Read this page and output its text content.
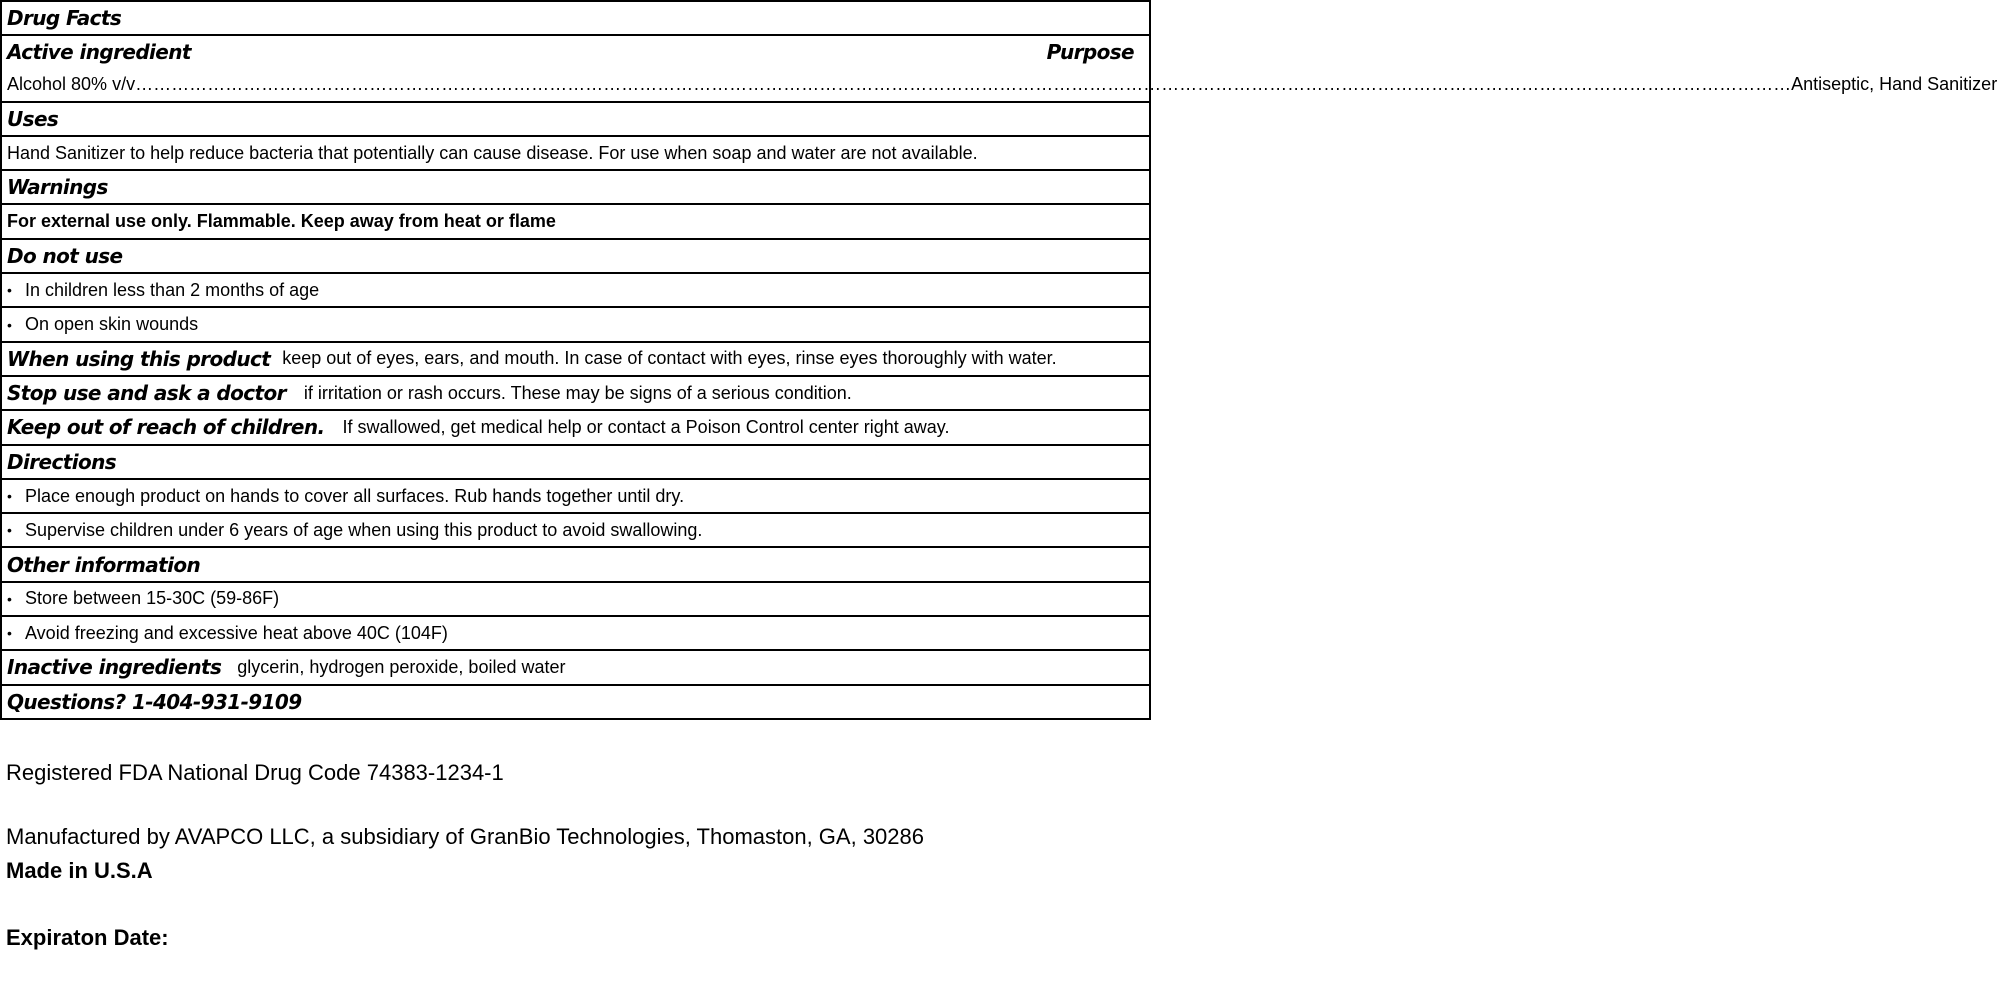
Drug Facts
Active ingredient	Purpose
Alcohol 80% v/v …………………………………………………………………………………………………………………………………………………………………………………………………………………………………………………… Antiseptic, Hand Sanitizer
Uses
Hand Sanitizer to help reduce bacteria that potentially can cause disease. For use when soap and water are not available.
Warnings
For external use only. Flammable. Keep away from heat or flame
Do not use
• In children less than 2 months of age
• On open skin wounds
When using this product keep out of eyes, ears, and mouth. In case of contact with eyes, rinse eyes thoroughly with water.
Stop use and ask a doctor if irritation or rash occurs. These may be signs of a serious condition.
Keep out of reach of children. If swallowed, get medical help or contact a Poison Control center right away.
Directions
• Place enough product on hands to cover all surfaces. Rub hands together until dry.
• Supervise children under 6 years of age when using this product to avoid swallowing.
Other information
• Store between 15-30C (59-86F)
• Avoid freezing and excessive heat above 40C (104F)
Inactive ingredients glycerin, hydrogen peroxide, boiled water
Questions? 1-404-931-9109
Registered FDA National Drug Code 74383-1234-1
Manufactured by AVAPCO LLC, a subsidiary of GranBio Technologies, Thomaston, GA, 30286
Made in U.S.A
Expiraton Date:
